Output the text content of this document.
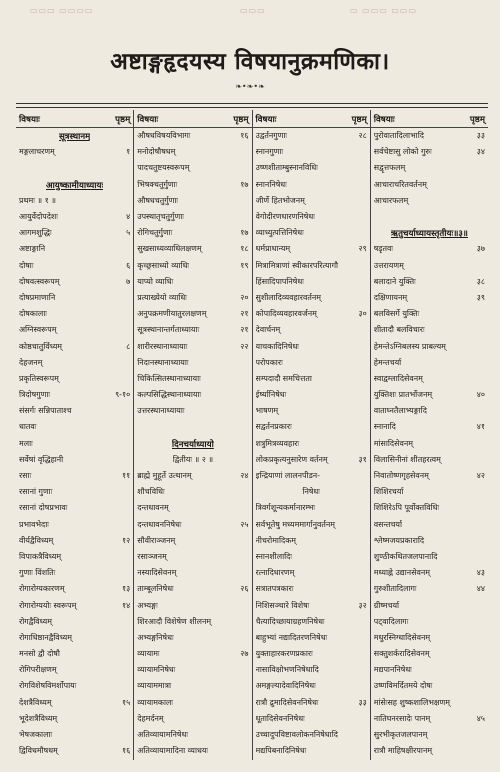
▭▭▭ ▭▭▭▭	▭▭▭	▭ ▭▭▭ ▭▭▭
अष्टाङ्गहृदयस्य विषयानुक्रमणिका।
❧•❧•❧
विषयाः	पृष्ठम्
सूत्रस्थानम्
मङ्गलाचरणम्	१
आयुष्कामीयाध्यायः
प्रथमः ॥ १ ॥
आयुर्वेदोपदेशः	४
आगमशुद्धिः	५
अष्टाङ्गानि
दोषाः	६
दोषवत्स्वरूपम्	७
दोषप्रमाणानि
दोषकालाः
अग्निस्वरूपम्
कोष्ठचातुर्विध्यम्	८
देहजनम्
प्रकृतिस्वरूपम्
त्रिदोषगुणाः	९-१०
संसर्गः सन्निपाताश्च
धातवः
मलाः
सर्वेषां वृद्धिहानी
रसाः	११
रसानां गुणाः
रसानां दोषप्रभावः
प्रभावभेदाः
वीर्यद्वैविध्यम्	१२
विपाकत्रैविध्यम्
गुणाः विंशतिः
रोगारोग्यकारणम्	१३
रोगारोग्ययोः स्वरूपम्	१४
रोगद्वैविध्यम्
रोगाधिष्ठानद्वैविध्यम्
मनसो द्वौ दोषौ
रोगिपरीक्षणम्
रोगविशेषविमर्शोपायः
देशत्रैविध्यम्	१५
भूदेशत्रैविध्यम्
भेषजकालाः
द्विविधमौषधम्	१६
विषयाः	पृष्ठम्
औषधविषयविभागः	१६
मनोदोषौषधम्
पादचतुष्टयस्वरूपम्
भिषक्चतुर्गुणाः	१७
औषधचतुर्गुणाः
उपस्थातृचतुर्गुणाः
रोगिचतुर्गुणाः	१७
सुखसाध्यव्याधिलक्षणम्	१८
कृच्छ्रसाध्यो व्याधिः	१९
याप्यो व्याधिः
प्रत्याख्येयो व्याधिः	२०
अनुपक्रमणीयातुरलक्षणम्	२१
सूत्रस्थानान्तर्गताध्यायाः	२१
शारीरस्थानाध्यायाः	२२
निदानस्थानाध्यायाः
चिकित्सितस्थानाध्यायाः
कल्पसिद्धिस्थानाध्यायाः
उत्तरस्थानाध्यायाः
दिनचर्याध्यायो
द्वितीयः ॥ २ ॥
ब्राह्मे मुहूर्ते उत्थानम्	२४
शौचविधिः
दन्तधावनम्
दन्तधावननिषेधः	२५
सौवीराञ्जनम्
रसाञ्जनम्
नस्यादिसेवनम्
ताम्बूलनिषेधः	२६
अभ्यङ्गः
शिरआदौ विशेषेण शीलनम्
अभ्यङ्गनिषेधः
व्यायामः	२७
व्यायामनिषेधः
व्यायाममात्रा
व्यायामकालः
देहमर्दनम्
अतिव्यायामनिषेधः
अतिव्यायामादिना व्याधयः
विषयाः	पृष्ठम्
उद्वर्तनगुणाः	२८
स्नानगुणाः
उष्णशीताम्बुस्नानविधिः
स्नाननिषेधः
जीर्णे हितभोजनम्
वेगोदीरणधारणनिषेधः
व्याध्युत्पत्तिनिषेधः
धर्मप्राधान्यम्	२९
मित्रामित्राणां स्वीकारपरित्यागौ
हिंसादिपापनिषेधः
सुशीलादिव्यवहारवर्तनम्
कोपादिव्यवहारवर्जनम्	३०
देवार्चनम्
याचकादिनिषेधः
परोपकारः
सम्पदादौ समचित्तता
ईर्ष्यानिषेधः
भाषणम्
सद्वर्तनप्रकारः
शत्रुमित्रव्यवहारः
लोकप्रकृत्यनुसारेण वर्तनम्	३१
इन्द्रियाणां लालनपीडन-
निषेधः
त्रिवर्गशून्यकर्मानारम्भः
सर्वभूतेषु मध्यममार्गानुवर्तनम्
नीचरोमादिकम्
स्नानशीलादिः
रत्नादिधारणम्
सत्रातपत्रकारः
निशिसञ्चारे विशेषः	३२
चैत्यादिच्छायाग्रहणनिषेधः
बाहुभ्यां नद्यादितरणनिषेधः
युक्ताहारकरणप्रकारः
नासाविक्षोभणनिषेधादि
अमङ्गल्यादेवादिनिषेधः
रात्रौ द्रुमादिसेवननिषेधः	३३
धूतादिसेवननिषेधः
उच्चादुपविष्टावलोकननिषेधादि
मद्यपिबनादिनिषेधः
विषयाः	पृष्ठम्
पुरोवातादिलाभादि	३३
सर्वचेष्टासु लोको गुरुः	३४
सद्वृत्तफलम्
आचाराचरितवर्तनम्
आचारफलम्
ऋतुचर्याध्यायस्तृतीयः॥३॥
षडृतवः	३७
उत्तरायणम्
बलादाने युक्तिः	३८
दक्षिणायनम्	३९
बलविसर्गे युक्तिः
शीतादौ बलविचारः
हेमन्तेऽग्निबलस्य प्राबल्यम्
हेमन्तचर्या
स्वाद्वम्लादिसेवनम्
युक्तिशः प्रातर्भोजनम्	४०
वाताघ्नतैलाभ्यङ्गादि
स्नानादि	४१
मांसादिसेवनम्
विलासिनीनां शीतहरत्वम्
निवातोष्णगृहसेवनम्	४२
शिशिरचर्या
शिशिरेऽपि पूर्वोक्तविधिः
वसन्तचर्या
श्लेष्मजयप्रकारादि
शुण्ठीकथितजलपानादि
मध्याह्ने उद्यानसेवनम्	४३
गुरुशीतादिलागः	४४
ग्रीष्मचर्या
पट्वादिलागः
मधुरस्निग्धादिसेवनम्
सक्तुशर्करादिसेवनम्
मद्यपाननिषेधः
उष्णविमर्दितमये दोषः
मांसेःसह शुष्कशालिभक्षणम्
नातिघनरसादेः पानम्	४५
सुरभीकृतजलपानम्
रात्रौ माहिषक्षीरपानम्
